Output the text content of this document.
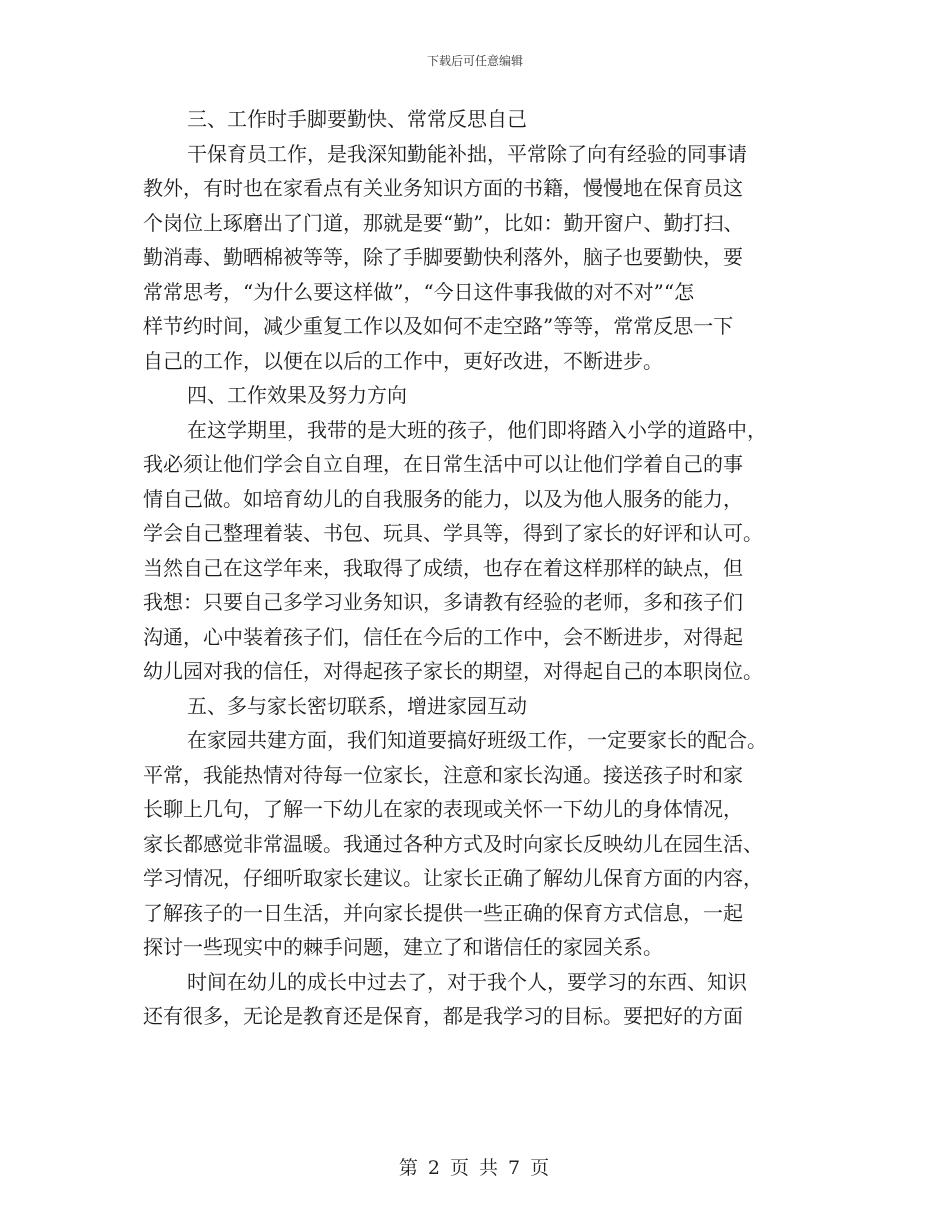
下载后可任意编辑
三、工作时手脚要勤快、常常反思自己
干保育员工作，是我深知勤能补拙，平常除了向有经验的同事请
教外，有时也在家看点有关业务知识方面的书籍，慢慢地在保育员这
个岗位上琢磨出了门道，那就是要“勤”，比如：勤开窗户、勤打扫、
勤消毒、勤晒棉被等等，除了手脚要勤快利落外，脑子也要勤快，要
常常思考，“为什么要这样做”，“今日这件事我做的对不对”“怎
样节约时间，减少重复工作以及如何不走空路”等等，常常反思一下
自己的工作，以便在以后的工作中，更好改进，不断进步。
四、工作效果及努力方向
在这学期里，我带的是大班的孩子，他们即将踏入小学的道路中，
我必须让他们学会自立自理，在日常生活中可以让他们学着自己的事
情自己做。如培育幼儿的自我服务的能力，以及为他人服务的能力，
学会自己整理着装、书包、玩具、学具等，得到了家长的好评和认可。
当然自己在这学年来，我取得了成绩，也存在着这样那样的缺点，但
我想：只要自己多学习业务知识，多请教有经验的老师，多和孩子们
沟通，心中装着孩子们，信任在今后的工作中，会不断进步，对得起
幼儿园对我的信任，对得起孩子家长的期望，对得起自己的本职岗位。
五、多与家长密切联系，增进家园互动
在家园共建方面，我们知道要搞好班级工作，一定要家长的配合。
平常，我能热情对待每一位家长，注意和家长沟通。接送孩子时和家
长聊上几句，了解一下幼儿在家的表现或关怀一下幼儿的身体情况，
家长都感觉非常温暖。我通过各种方式及时向家长反映幼儿在园生活、
学习情况，仔细听取家长建议。让家长正确了解幼儿保育方面的内容，
了解孩子的一日生活，并向家长提供一些正确的保育方式信息，一起
探讨一些现实中的棘手问题，建立了和谐信任的家园关系。
时间在幼儿的成长中过去了，对于我个人，要学习的东西、知识
还有很多，无论是教育还是保育，都是我学习的目标。要把好的方面
第 2 页 共 7 页
